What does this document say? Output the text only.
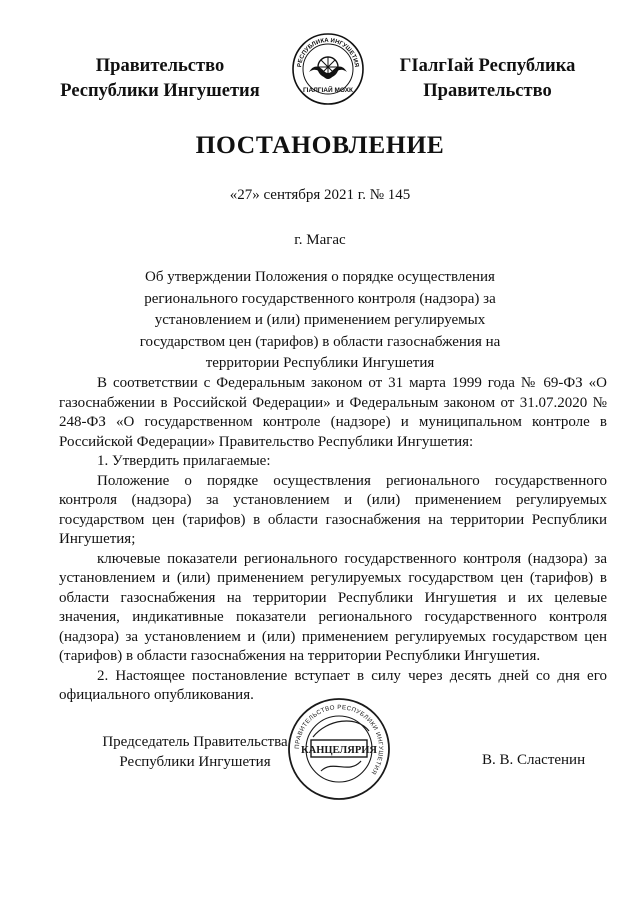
Правительство
Республики Ингушетия
РЕСПУБЛИКА ИНГУШЕТИЯ
ГIАЛГIАЙ МОХК
ГIалгIай Республика
Правительство
ПОСТАНОВЛЕНИЕ
«27» сентября 2021 г. № 145
г. Магас
Об утверждении Положения о порядке осуществления регионального государственного контроля (надзора) за установлением и (или) применением регулируемых государством цен (тарифов) в области газоснабжения на территории Республики Ингушетия

В соответствии с Федеральным законом от 31 марта 1999 года № 69-ФЗ «О газоснабжении в Российской Федерации» и Федеральным законом от 31.07.2020 № 248-ФЗ «О государственном контроле (надзоре) и муниципальном контроле в Российской Федерации» Правительство Республики Ингушетия:

1. Утвердить прилагаемые:

Положение о порядке осуществления регионального государственного контроля (надзора) за установлением и (или) применением регулируемых государством цен (тарифов) в области газоснабжения на территории Республики Ингушетия;

ключевые показатели регионального государственного контроля (надзора) за установлением и (или) применением регулируемых государством цен (тарифов) в области газоснабжения на территории Республики Ингушетия и их целевые значения, индикативные показатели регионального государственного контроля (надзора) за установлением и (или) применением регулируемых государством цен (тарифов) в области газоснабжения на территории Республики Ингушетия.

2. Настоящее постановление вступает в силу через десять дней со дня его официального опубликования.

Председатель Правительства
Республики Ингушетия
ПРАВИТЕЛЬСТВО РЕСПУБЛИКИ ИНГУШЕТИЯ
КАНЦЕЛЯРИЯ
В. В. Сластенин
